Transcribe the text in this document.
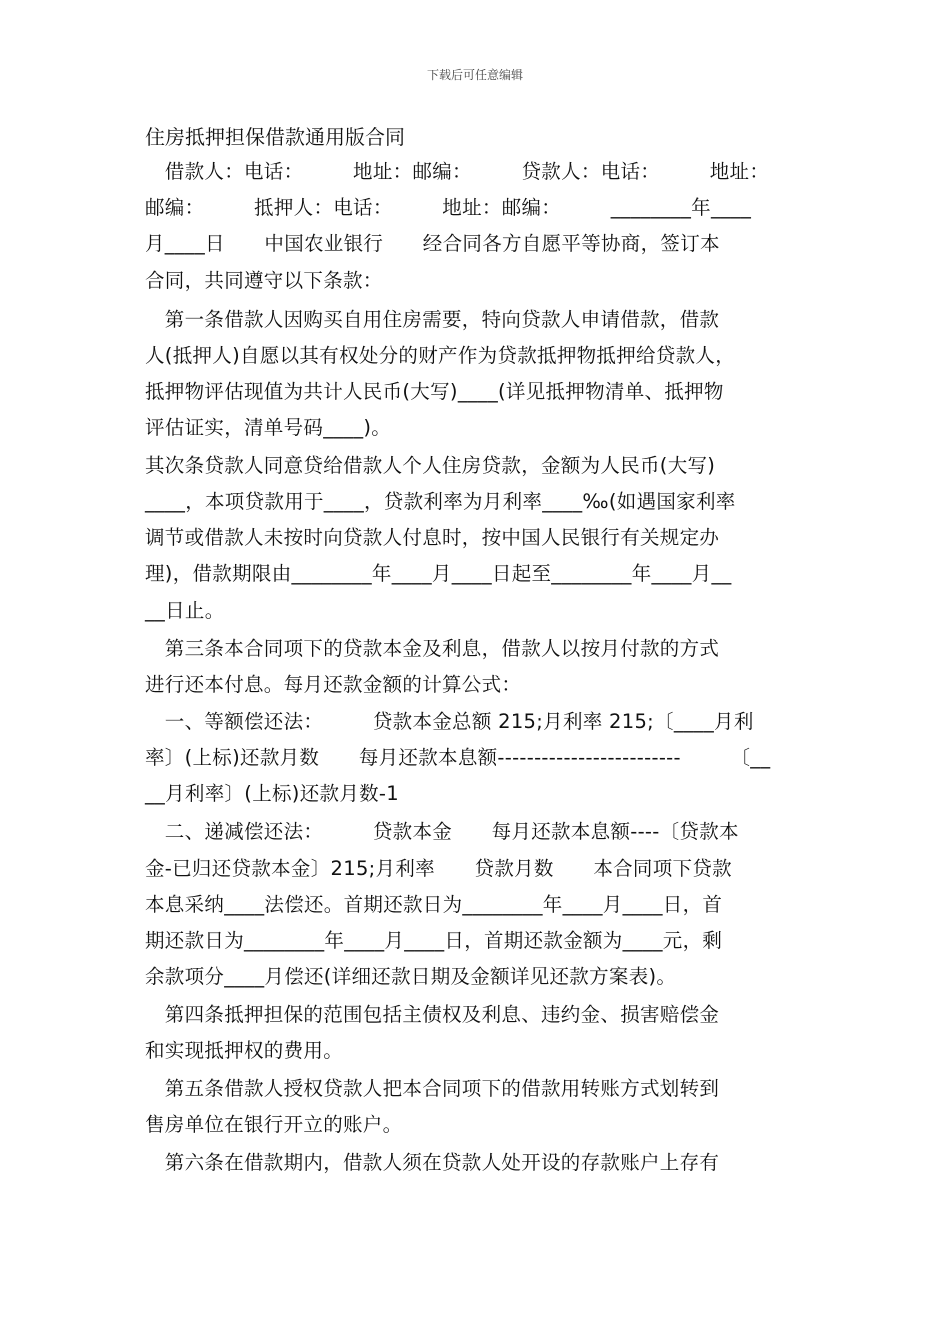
下载后可任意编辑
住房抵押担保借款通用版合同
　借款人：电话：　　　地址：邮编：　　　贷款人：电话：　　　地址：
邮编：　　　抵押人：电话：　　　地址：邮编：　　　________年____
月____日　　中国农业银行　　经合同各方自愿平等协商，签订本
合同，共同遵守以下条款：
　第一条借款人因购买自用住房需要，特向贷款人申请借款，借款
人(抵押人)自愿以其有权处分的财产作为贷款抵押物抵押给贷款人，
抵押物评估现值为共计人民币(大写)____(详见抵押物清单、抵押物
评估证实，清单号码____)。
其次条贷款人同意贷给借款人个人住房贷款，金额为人民币(大写)
____，本项贷款用于____，贷款利率为月利率____‰(如遇国家利率
调节或借款人未按时向贷款人付息时，按中国人民银行有关规定办
理)，借款期限由________年____月____日起至________年____月__
__日止。
　第三条本合同项下的贷款本金及利息，借款人以按月付款的方式
进行还本付息。每月还款金额的计算公式：
　一、等额偿还法：　　　贷款本金总额 215;月利率 215;〔____月利
率〕(上标)还款月数　　每月还款本息额-------------------------　　　〔__
__月利率〕(上标)还款月数-1
　二、递减偿还法：　　　贷款本金　　每月还款本息额----〔贷款本
金-已归还贷款本金〕215;月利率　　贷款月数　　本合同项下贷款
本息采纳____法偿还。首期还款日为________年____月____日，首
期还款日为________年____月____日，首期还款金额为____元，剩
余款项分____月偿还(详细还款日期及金额详见还款方案表)。
　第四条抵押担保的范围包括主债权及利息、违约金、损害赔偿金
和实现抵押权的费用。
　第五条借款人授权贷款人把本合同项下的借款用转账方式划转到
售房单位在银行开立的账户。
　第六条在借款期内，借款人须在贷款人处开设的存款账户上存有
